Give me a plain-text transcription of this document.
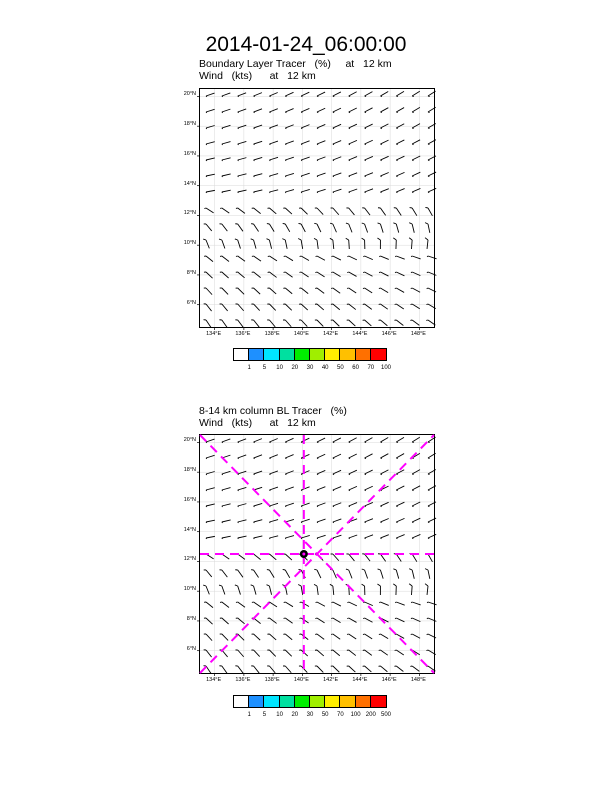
2014-01-24_06:00:00
Boundary Layer Tracer   (%)     at   12 km
Wind   (kts)      at   12 km
6°N
8°N
10°N
12°N
14°N
16°N
18°N
20°N
134°E	136°E	138°E	140°E	142°E	144°E	146°E	148°E
8-14 km column BL Tracer   (%)
Wind   (kts)      at   12 km
6°N
8°N
10°N
12°N
14°N
16°N
18°N
20°N
134°E	136°E	138°E	140°E	142°E	144°E	146°E	148°E
1	5	10	20	30	40	50	60	70	100
1	5	10	20	30	50	70	100 200 500
